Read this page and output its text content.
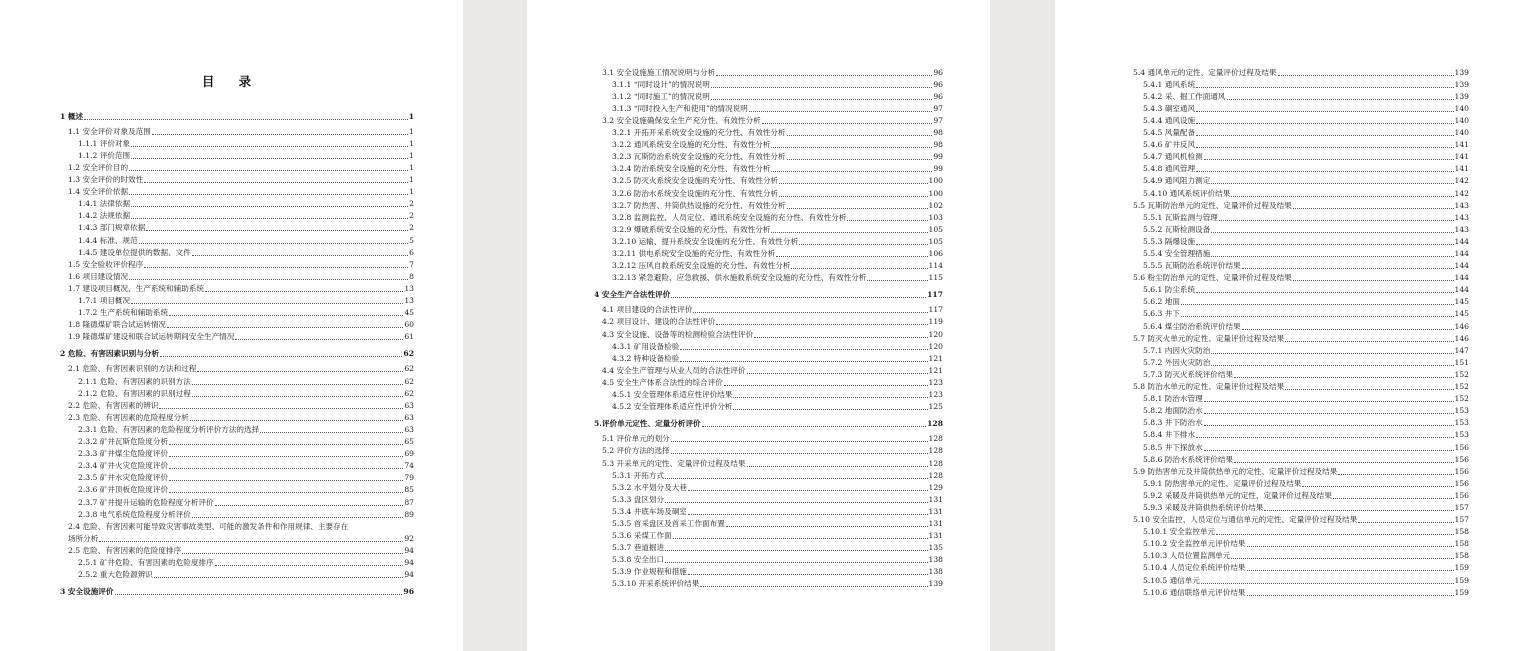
目 录
1 概述	1
1.1 安全评价对象及范围	1
1.1.1 评价对象	1
1.1.2 评价范围	1
1.2 安全评价目的	1
1.3 安全评价的时效性	1
1.4 安全评价依据	1
1.4.1 法律依据	2
1.4.2 法规依据	2
1.4.3 部门规章依据	2
1.4.4 标准、规范	5
1.4.5 建设单位提供的数据、文件	6
1.5 安全验收评价程序	7
1.6 项目建设情况	8
1.7 建设项目概况、生产系统和辅助系统	13
1.7.1 项目概况	13
1.7.2 生产系统和辅助系统	45
1.8 隆德煤矿联合试运转情况	60
1.9 隆德煤矿建设和联合试运转期间安全生产情况	61
2 危险、有害因素识别与分析	62
2.1 危险、有害因素识别的方法和过程	62
2.1.1 危险、有害因素的识别方法	62
2.1.2 危险、有害因素的识别过程	62
2.2 危险、有害因素的辨识	63
2.3 危险、有害因素的危险程度分析	63
2.3.1 危险、有害因素的危险程度分析评价方法的选择	63
2.3.2 矿井瓦斯危险度分析	65
2.3.3 矿井煤尘危险度评价	69
2.3.4 矿井火灾危险度评价	74
2.3.5 矿井水灾危险度评价	79
2.3.6 矿井顶板危险度评价	85
2.3.7 矿井提升运输的危险程度分析评价	87
2.3.8 电气系统危险程度分析评价	89
2.4 危险、有害因素可能导致灾害事故类型、可能的激发条件和作用规律、主要存在
场所分析	92
2.5 危险、有害因素的危险度排序	94
2.5.1 矿井危险、有害因素的危险度排序	94
2.5.2 重大危险源辨识	94
3 安全设施评价	96
3.1 安全设施施工情况说明与分析	96
3.1.1 “同时设计”的情况说明	96
3.1.2 “同时施工”的情况说明	96
3.1.3 “同时投入生产和使用”的情况说明	97
3.2 安全设施确保安全生产充分性、有效性分析	97
3.2.1 开拓开采系统安全设施的充分性、有效性分析	98
3.2.2 通风系统安全设施的充分性、有效性分析	98
3.2.3 瓦斯防治系统安全设施的充分性、有效性分析	99
3.2.4 防治系统安全设施的充分性、有效性分析	99
3.2.5 防灭火系统安全设施的充分性、有效性分析	100
3.2.6 防治水系统安全设施的充分性、有效性分析	100
3.2.7 防热害、井筒供热设施的充分性、有效性分析	102
3.2.8 监测监控、人员定位、通讯系统安全设施的充分性、有效性分析	103
3.2.9 爆破系统安全设施的充分性、有效性分析	105
3.2.10 运输、提升系统安全设施的充分性、有效性分析	105
3.2.11 供电系统安全设施的充分性、有效性分析	106
3.2.12 压风自救系统安全设施的充分性、有效性分析	114
3.2.13 紧急避险、应急救援、供水施救系统安全设施的充分性、有效性分析	115
4 安全生产合法性评价	117
4.1 项目建设的合法性评价	117
4.2 项目设计、建设的合法性评价	119
4.3 安全设施、设备等的检测检验合法性评价	120
4.3.1 矿用设备检验	120
4.3.2 特种设备检验	121
4.4 安全生产管理与从业人员的合法性评价	121
4.5 安全生产体系合法性的综合评价	123
4.5.1 安全管理体系适应性评价结果	123
4.5.2 安全管理体系适应性评价分析	125
5.评价单元定性、定量分析评价	128
5.1 评价单元的划分	128
5.2 评价方法的选择	128
5.3 开采单元的定性、定量评价过程及结果	128
5.3.1 开拓方式	128
5.3.2 水平划分及大巷	129
5.3.3 盘区划分	131
5.3.4 井底车场及硐室	131
5.3.5 首采盘区及首采工作面布置	131
5.3.6 采煤工作面	131
5.3.7 巷道掘进	135
5.3.8 安全出口	138
5.3.9 作业规程和措施	138
5.3.10 开采系统评价结果	139
5.4 通风单元的定性、定量评价过程及结果	139
5.4.1 通风系统	139
5.4.2 采、掘工作面通风	139
5.4.3 硐室通风	140
5.4.4 通风设施	140
5.4.5 风量配备	140
5.4.6 矿井反风	141
5.4.7 通风机检测	141
5.4.8 通风管理	141
5.4.9 通风阻力测定	142
5.4.10 通风系统评价结果	142
5.5 瓦斯防治单元的定性、定量评价过程及结果	143
5.5.1 瓦斯监测与管理	143
5.5.2 瓦斯检测设备	143
5.5.3 隔爆设施	144
5.5.4 安全管理措施	144
5.5.5 瓦斯防治系统评价结果	144
5.6 粉尘防治单元的定性、定量评价过程及结果	144
5.6.1 防尘系统	144
5.6.2 地面	145
5.6.3 井下	145
5.6.4 煤尘防治系统评价结果	146
5.7 防灭火单元的定性、定量评价过程及结果	146
5.7.1 内因火灾防治	147
5.7.2 外因火灾防治	151
5.7.3 防灭火系统评价结果	152
5.8 防治水单元的定性、定量评价过程及结果	152
5.8.1 防治水管理	152
5.8.2 地面防治水	153
5.8.3 井下防治水	153
5.8.4 井下排水	153
5.8.5 井下探放水	156
5.8.6 防治水系统评价结果	156
5.9 防热害单元及井筒供热单元的定性、定量评价过程及结果	156
5.9.1 防热害单元的定性、定量评价过程及结果	156
5.9.2 采暖及井筒供热单元的定性、定量评价过程及结果	156
5.9.3 采暖及井筒供热系统评价结果	157
5.10 安全监控、人员定位与通信单元的定性、定量评价过程及结果	157
5.10.1 安全监控单元	158
5.10.2 安全监控单元评价结果	158
5.10.3 人员位置监测单元	158
5.10.4 人员定位系统评价结果	159
5.10.5 通信单元	159
5.10.6 通信联络单元评价结果	159
